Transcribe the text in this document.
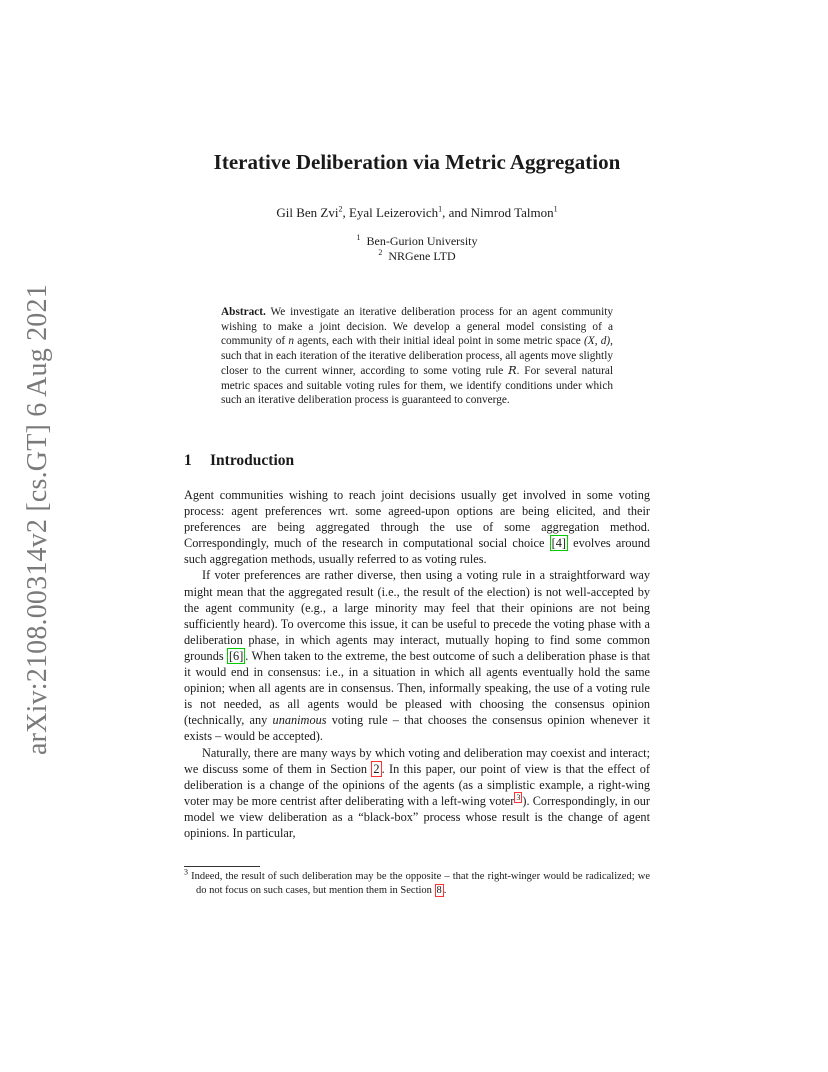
arXiv:2108.00314v2 [cs.GT] 6 Aug 2021
Iterative Deliberation via Metric Aggregation
Gil Ben Zvi$^2$, Eyal Leizerovich$^1$, and Nimrod Talmon$^1$
$^1$ Ben-Gurion University
$^2$ NRGene LTD
Abstract. We investigate an iterative deliberation process for an agent community wishing to make a joint decision. We develop a general model consisting of a community of n agents, each with their initial ideal point in some metric space (X, d), such that in each iteration of the iterative deliberation process, all agents move slightly closer to the current winner, according to some voting rule R. For several natural metric spaces and suitable voting rules for them, we identify conditions under which such an iterative deliberation process is guaranteed to converge.
1 Introduction

Agent communities wishing to reach joint decisions usually get involved in some voting process: agent preferences wrt. some agreed-upon options are being elicited, and their preferences are being aggregated through the use of some aggregation method. Correspondingly, much of the research in computational social choice [4] evolves around such aggregation methods, usually referred to as voting rules.

If voter preferences are rather diverse, then using a voting rule in a straightforward way might mean that the aggregated result (i.e., the result of the election) is not well-accepted by the agent community (e.g., a large minority may feel that their opinions are not being sufficiently heard). To overcome this issue, it can be useful to precede the voting phase with a deliberation phase, in which agents may interact, mutually hoping to find some common grounds [6] . When taken to the extreme, the best outcome of such a deliberation phase is that it would end in consensus: i.e., in a situation in which all agents eventually hold the same opinion; when all agents are in consensus. Then, informally speaking, the use of a voting rule is not needed, as all agents would be pleased with choosing the consensus opinion (technically, any unanimous voting rule – that chooses the consensus opinion whenever it exists – would be accepted).

Naturally, there are many ways by which voting and deliberation may coexist and interact; we discuss some of them in Section 2 . In this paper, our point of view is that the effect of deliberation is a change of the opinions of the agents (as a simplistic example, a right-wing voter may be more centrist after deliberating with a left-wing voter $^3$ ). Correspondingly, in our model we view deliberation as a “black-box” process whose result is the change of agent opinions. In particular,

$^3$ Indeed, the result of such deliberation may be the opposite – that the right-winger would be radicalized; we do not focus on such cases, but mention them in Section 8 .
